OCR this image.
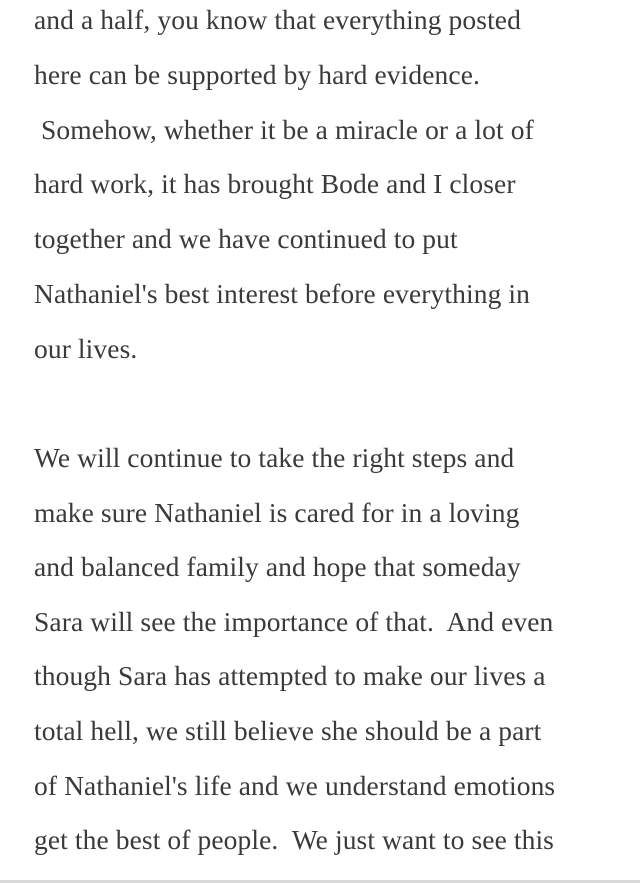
and a half, you know that everything posted
here can be supported by hard evidence.
Somehow, whether it be a miracle or a lot of
hard work, it has brought Bode and I closer
together and we have continued to put
Nathaniel's best interest before everything in
our lives.
We will continue to take the right steps and
make sure Nathaniel is cared for in a loving
and balanced family and hope that someday
Sara will see the importance of that.  And even
though Sara has attempted to make our lives a
total hell, we still believe she should be a part
of Nathaniel's life and we understand emotions
get the best of people.  We just want to see this
